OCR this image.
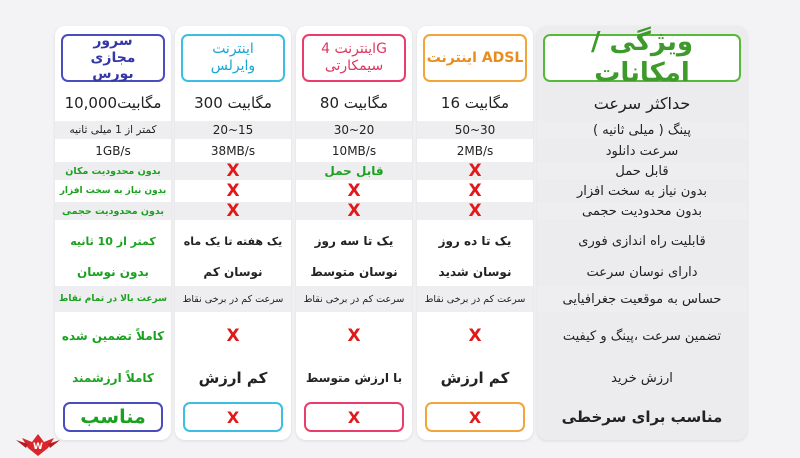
W
ویژگی / امکانات
حداکثر سرعت
پینگ ( میلی ثانیه )
سرعت دانلود
قابل حمل
بدون نیاز به سخت افزار
بدون محدودیت حجمی
قابلیت راه اندازی فوری
دارای نوسان سرعت
حساس به موقعیت جغرافیایی
تضمین سرعت ،پینگ و کیفیت
ارزش خرید
مناسب برای سرخطی
اینترنت ADSL
16 مگابیت
50~30
2MB/s
X
X
X
یک تا ده روز
نوسان شدید
سرعت کم در برخی نقاط
X
کم ارزش
X
اینترنت 4G سیمکارتی
80 مگابیت
30~20
10MB/s
قابل حمل
X
X
یک تا سه روز
نوسان متوسط
سرعت کم در برخی نقاط
X
با ارزش متوسط
X
اینترنت وایرلس
300 مگابیت
20~15
38MB/s
X
X
X
یک هفته تا یک ماه
نوسان کم
سرعت کم در برخی نقاط
X
کم ارزش
X
سرور مجازی بورس
10,000مگابیت
کمتر از 1 میلی ثانیه
1GB/s
بدون محدودیت مکان
بدون نیاز به سخت افزار
بدون محدودیت حجمی
کمتر از 10 ثانیه
بدون نوسان
سرعت بالا در تمام نقاط
کاملاً تضمین شده
کاملاً ارزشمند
مناسب
